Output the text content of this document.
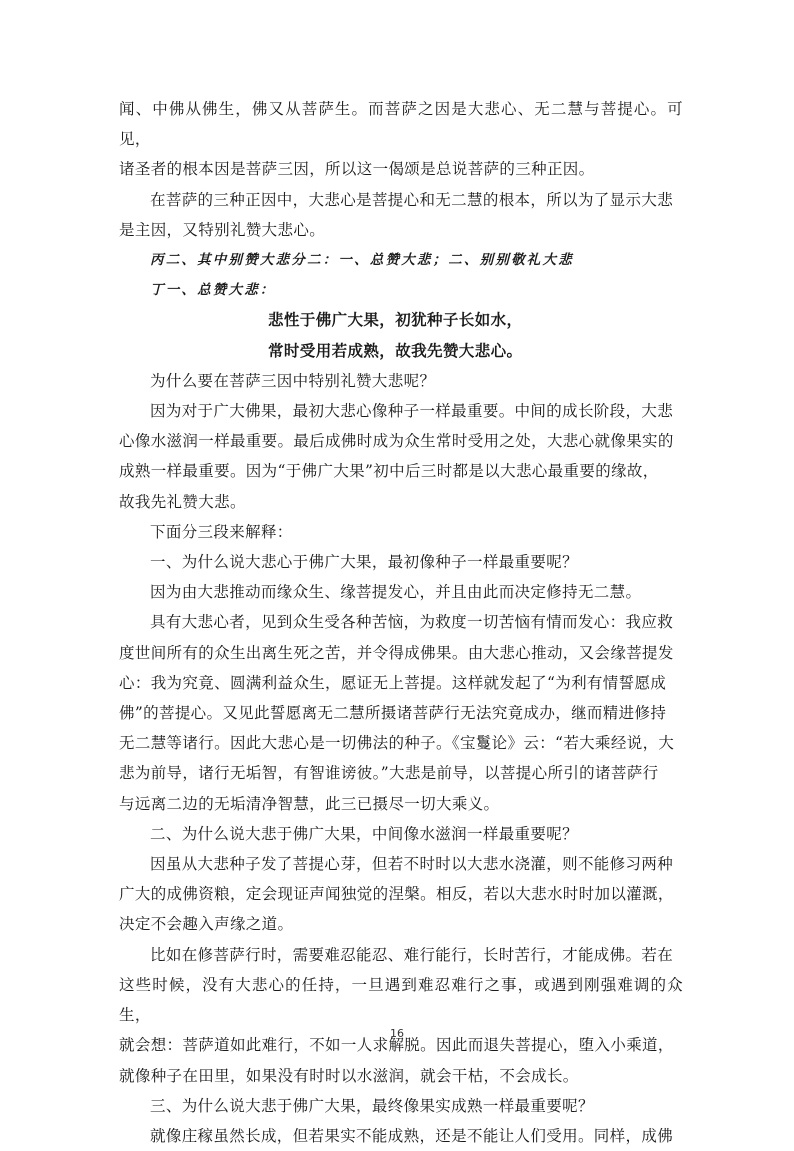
闻、中佛从佛生，佛又从菩萨生。而菩萨之因是大悲心、无二慧与菩提心。可见，

诸圣者的根本因是菩萨三因，所以这一偈颂是总说菩萨的三种正因。

在菩萨的三种正因中，大悲心是菩提心和无二慧的根本，所以为了显示大悲

是主因，又特别礼赞大悲心。

丙二、其中别赞大悲分二：一、总赞大悲；二、别别敬礼大悲

丁一、总赞大悲：

悲性于佛广大果，初犹种子长如水，

常时受用若成熟，故我先赞大悲心。

为什么要在菩萨三因中特别礼赞大悲呢？

因为对于广大佛果，最初大悲心像种子一样最重要。中间的成长阶段，大悲

心像水滋润一样最重要。最后成佛时成为众生常时受用之处，大悲心就像果实的

成熟一样最重要。因为“于佛广大果”初中后三时都是以大悲心最重要的缘故，

故我先礼赞大悲。

下面分三段来解释：

一、为什么说大悲心于佛广大果，最初像种子一样最重要呢？

因为由大悲推动而缘众生、缘菩提发心，并且由此而决定修持无二慧。

具有大悲心者，见到众生受各种苦恼，为救度一切苦恼有情而发心：我应救

度世间所有的众生出离生死之苦，并令得成佛果。由大悲心推动，又会缘菩提发

心：我为究竟、圆满利益众生，愿证无上菩提。这样就发起了“为利有情誓愿成

佛”的菩提心。又见此誓愿离无二慧所摄诸菩萨行无法究竟成办，继而精进修持

无二慧等诸行。因此大悲心是一切佛法的种子。《宝鬘论》云：“若大乘经说，大

悲为前导，诸行无垢智，有智谁谤彼。”大悲是前导，以菩提心所引的诸菩萨行

与远离二边的无垢清净智慧，此三已摄尽一切大乘义。

二、为什么说大悲于佛广大果，中间像水滋润一样最重要呢？

因虽从大悲种子发了菩提心芽，但若不时时以大悲水浇灌，则不能修习两种

广大的成佛资粮，定会现证声闻独觉的涅槃。相反，若以大悲水时时加以灌溉，

决定不会趣入声缘之道。

比如在修菩萨行时，需要难忍能忍、难行能行，长时苦行，才能成佛。若在

这些时候，没有大悲心的任持，一旦遇到难忍难行之事，或遇到刚强难调的众生，

就会想：菩萨道如此难行，不如一人求解脱。因此而退失菩提心，堕入小乘道，

就像种子在田里，如果没有时时以水滋润，就会干枯，不会成长。

三、为什么说大悲于佛广大果，最终像果实成熟一样最重要呢？

就像庄稼虽然长成，但若果实不能成熟，还是不能让人们受用。同样，成佛

16
